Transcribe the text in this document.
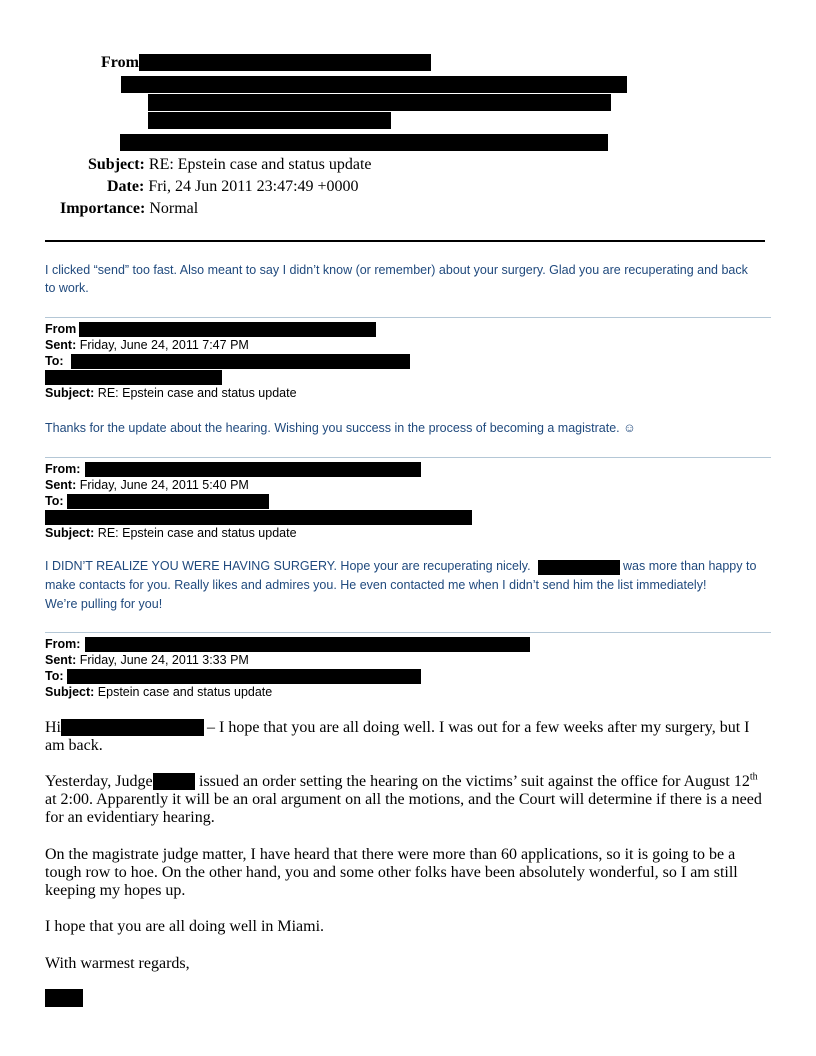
From
Subject: RE: Epstein case and status update
Date: Fri, 24 Jun 2011 23:47:49 +0000
Importance: Normal
I clicked “send” too fast. Also meant to say I didn’t know (or remember) about your surgery. Glad you are recuperating and back to work.
From
Sent: Friday, June 24, 2011 7:47 PM
To:
Subject: RE: Epstein case and status update
Thanks for the update about the hearing. Wishing you success in the process of becoming a magistrate. ☺
From:
Sent: Friday, June 24, 2011 5:40 PM
To:
Subject: RE: Epstein case and status update
I DIDN’T REALIZE YOU WERE HAVING SURGERY. Hope your are recuperating nicely.	was more than happy to
make contacts for you. Really likes and admires you. He even contacted me when I didn’t send him the list immediately!
We’re pulling for you!
From:
Sent: Friday, June 24, 2011 3:33 PM
To:
Subject: Epstein case and status update
Hi	– I hope that you are all doing well. I was out for a few weeks after my surgery, but I
am back.
Yesterday, Judge	issued an order setting the hearing on the victims’ suit against the office for August 12th
at 2:00. Apparently it will be an oral argument on all the motions, and the Court will determine if there is a need
for an evidentiary hearing.
On the magistrate judge matter, I have heard that there were more than 60 applications, so it is going to be a tough row to hoe. On the other hand, you and some other folks have been absolutely wonderful, so I am still keeping my hopes up.
I hope that you are all doing well in Miami.
With warmest regards,
